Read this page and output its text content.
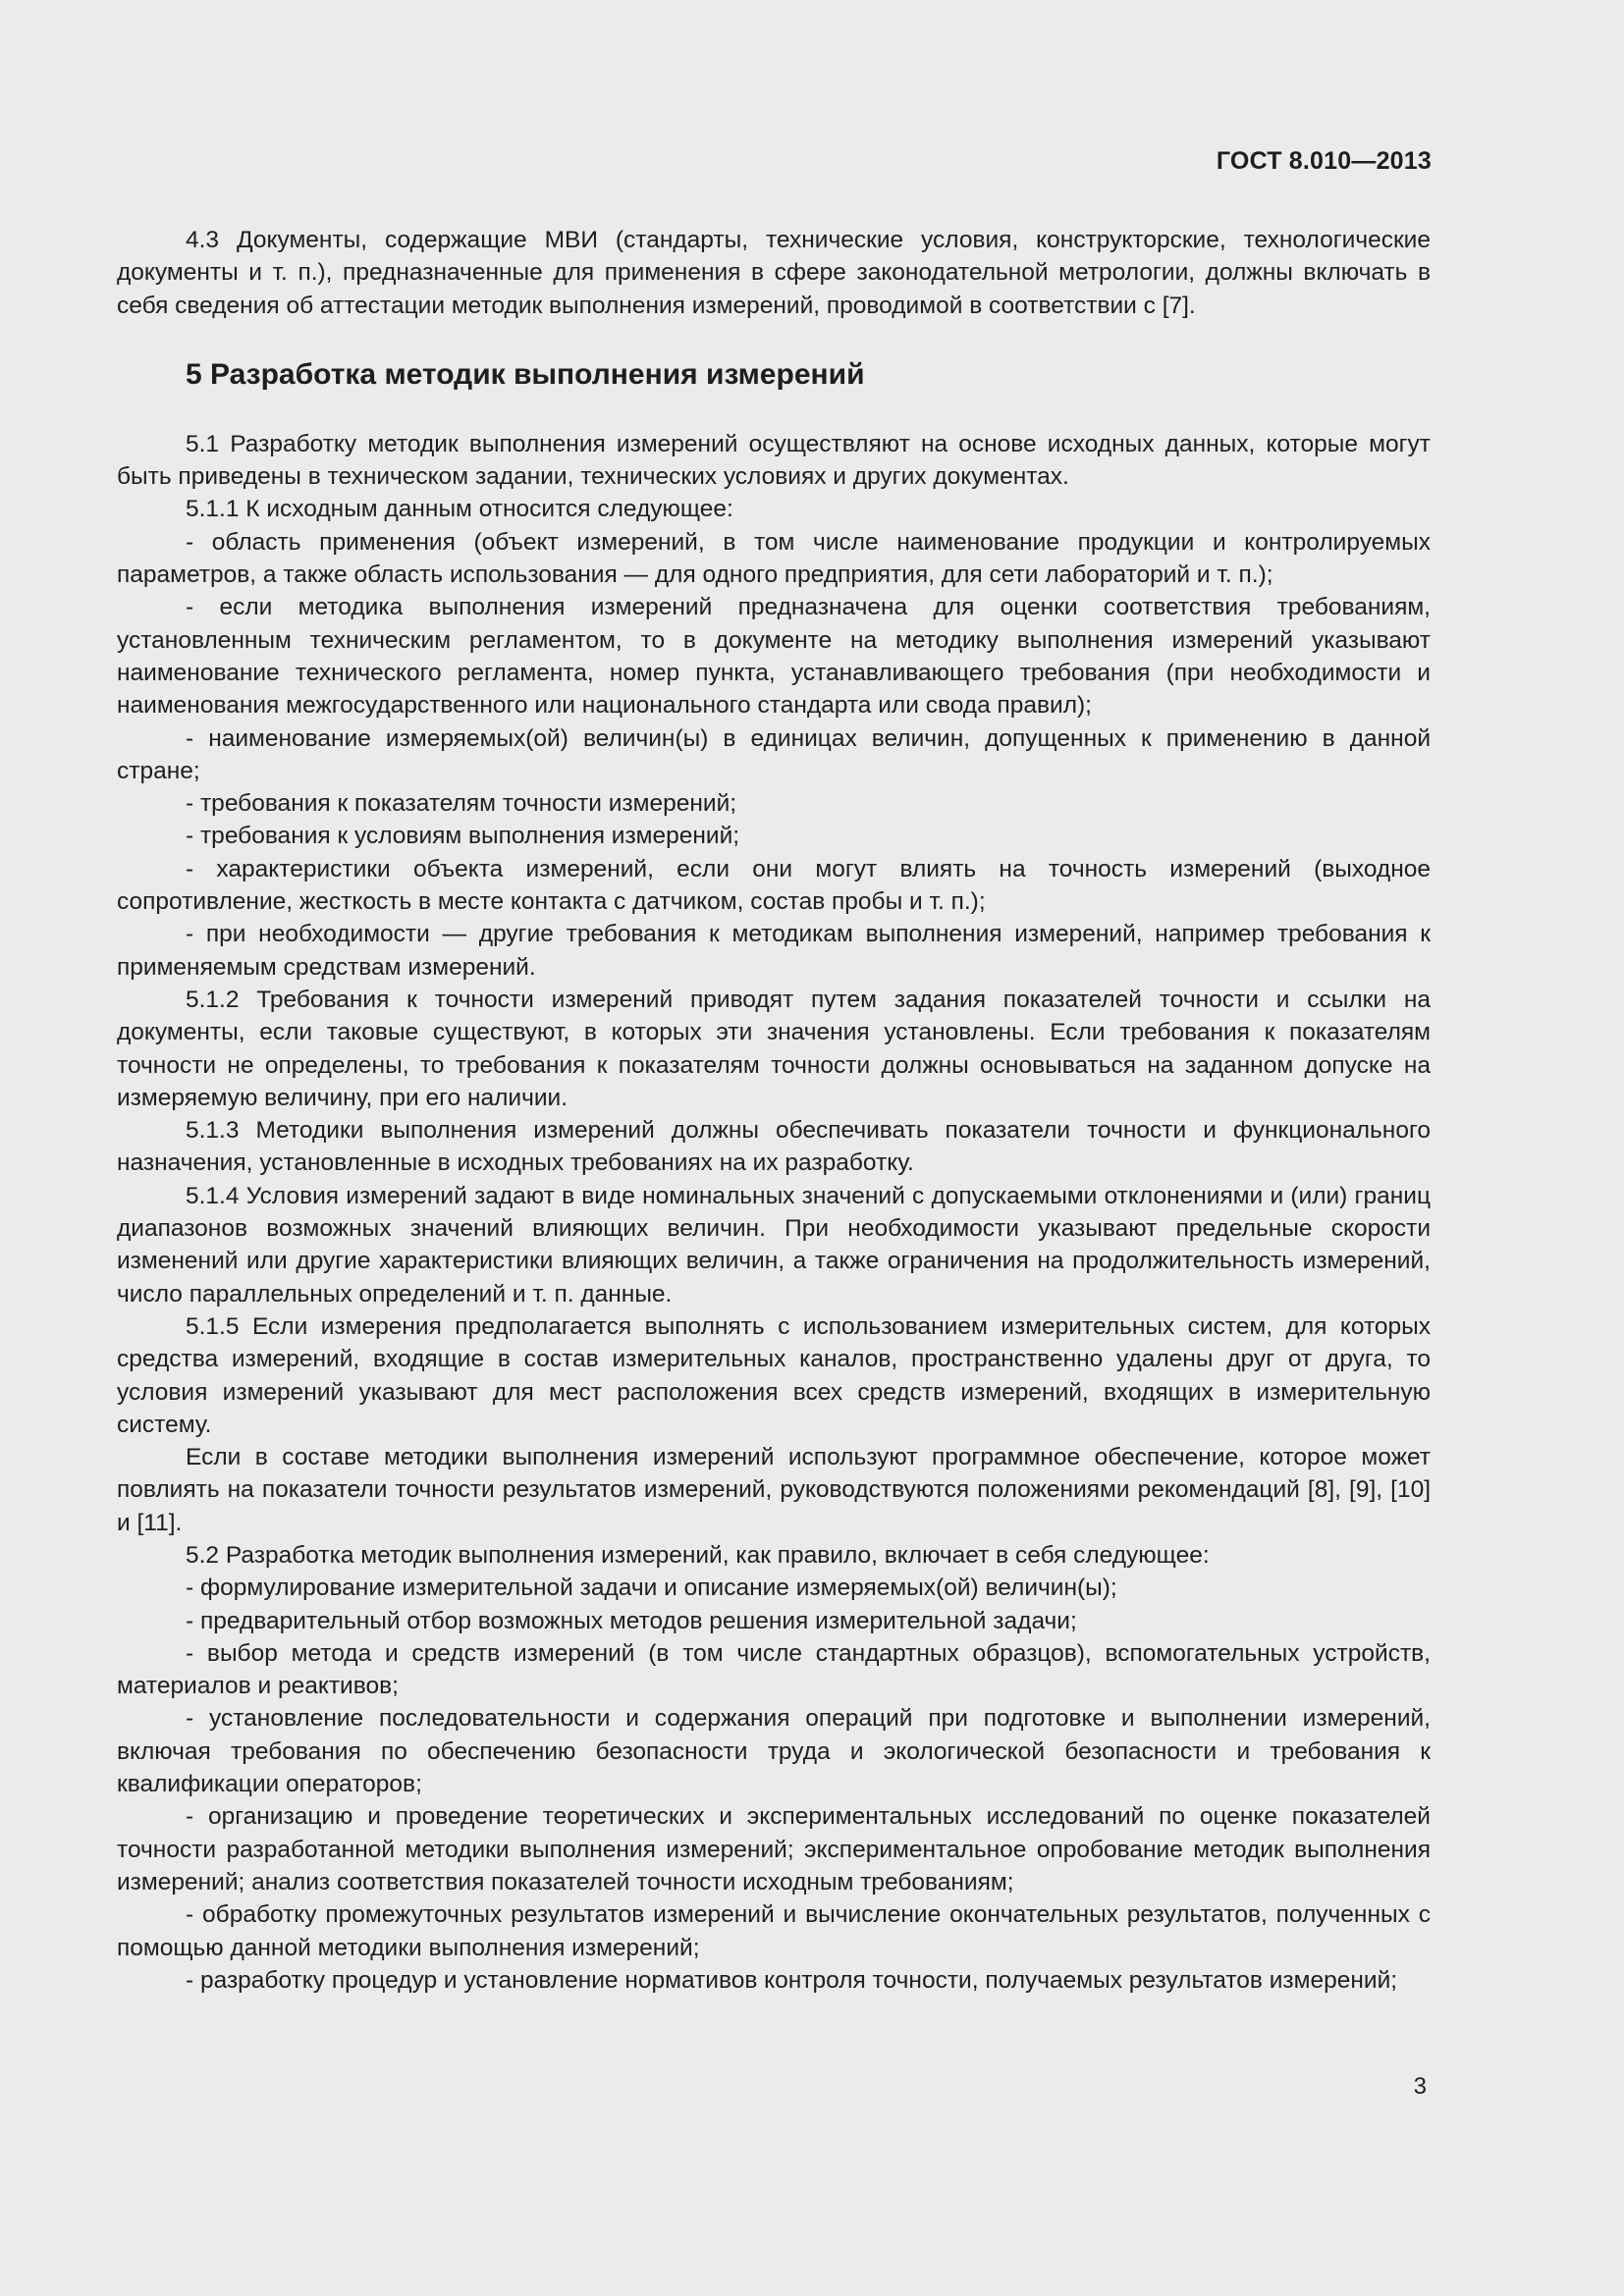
ГОСТ 8.010—2013

4.3 Документы, содержащие МВИ (стандарты, технические условия, конструкторские, технологические документы и т. п.), предназначенные для применения в сфере законодательной метрологии, должны включать в себя сведения об аттестации методик выполнения измерений, проводимой в соответствии с [7].

5 Разработка методик выполнения измерений

5.1 Разработку методик выполнения измерений осуществляют на основе исходных данных, которые могут быть приведены в техническом задании, технических условиях и других документах.

5.1.1 К исходным данным относится следующее:

- область применения (объект измерений, в том числе наименование продукции и контролируемых параметров, а также область использования — для одного предприятия, для сети лабораторий и т. п.);

- если методика выполнения измерений предназначена для оценки соответствия требованиям, установленным техническим регламентом, то в документе на методику выполнения измерений указывают наименование технического регламента, номер пункта, устанавливающего требования (при необходимости и наименования межгосударственного или национального стандарта или свода правил);

- наименование измеряемых(ой) величин(ы) в единицах величин, допущенных к применению в данной стране;

- требования к показателям точности измерений;

- требования к условиям выполнения измерений;

- характеристики объекта измерений, если они могут влиять на точность измерений (выходное сопротивление, жесткость в месте контакта с датчиком, состав пробы и т. п.);

- при необходимости — другие требования к методикам выполнения измерений, например требования к применяемым средствам измерений.

5.1.2 Требования к точности измерений приводят путем задания показателей точности и ссылки на документы, если таковые существуют, в которых эти значения установлены. Если требования к показателям точности не определены, то требования к показателям точности должны основываться на заданном допуске на измеряемую величину, при его наличии.

5.1.3 Методики выполнения измерений должны обеспечивать показатели точности и функционального назначения, установленные в исходных требованиях на их разработку.

5.1.4 Условия измерений задают в виде номинальных значений с допускаемыми отклонениями и (или) границ диапазонов возможных значений влияющих величин. При необходимости указывают предельные скорости изменений или другие характеристики влияющих величин, а также ограничения на продолжительность измерений, число параллельных определений и т. п. данные.

5.1.5 Если измерения предполагается выполнять с использованием измерительных систем, для которых средства измерений, входящие в состав измерительных каналов, пространственно удалены друг от друга, то условия измерений указывают для мест расположения всех средств измерений, входящих в измерительную систему.

Если в составе методики выполнения измерений используют программное обеспечение, которое может повлиять на показатели точности результатов измерений, руководствуются положениями рекомендаций [8], [9], [10] и [11].

5.2 Разработка методик выполнения измерений, как правило, включает в себя следующее:

- формулирование измерительной задачи и описание измеряемых(ой) величин(ы);

- предварительный отбор возможных методов решения измерительной задачи;

- выбор метода и средств измерений (в том числе стандартных образцов), вспомогательных устройств, материалов и реактивов;

- установление последовательности и содержания операций при подготовке и выполнении измерений, включая требования по обеспечению безопасности труда и экологической безопасности и требования к квалификации операторов;

- организацию и проведение теоретических и экспериментальных исследований по оценке показателей точности разработанной методики выполнения измерений; экспериментальное опробование методик выполнения измерений; анализ соответствия показателей точности исходным требованиям;

- обработку промежуточных результатов измерений и вычисление окончательных результатов, полученных с помощью данной методики выполнения измерений;

- разработку процедур и установление нормативов контроля точности, получаемых результатов измерений;

3
